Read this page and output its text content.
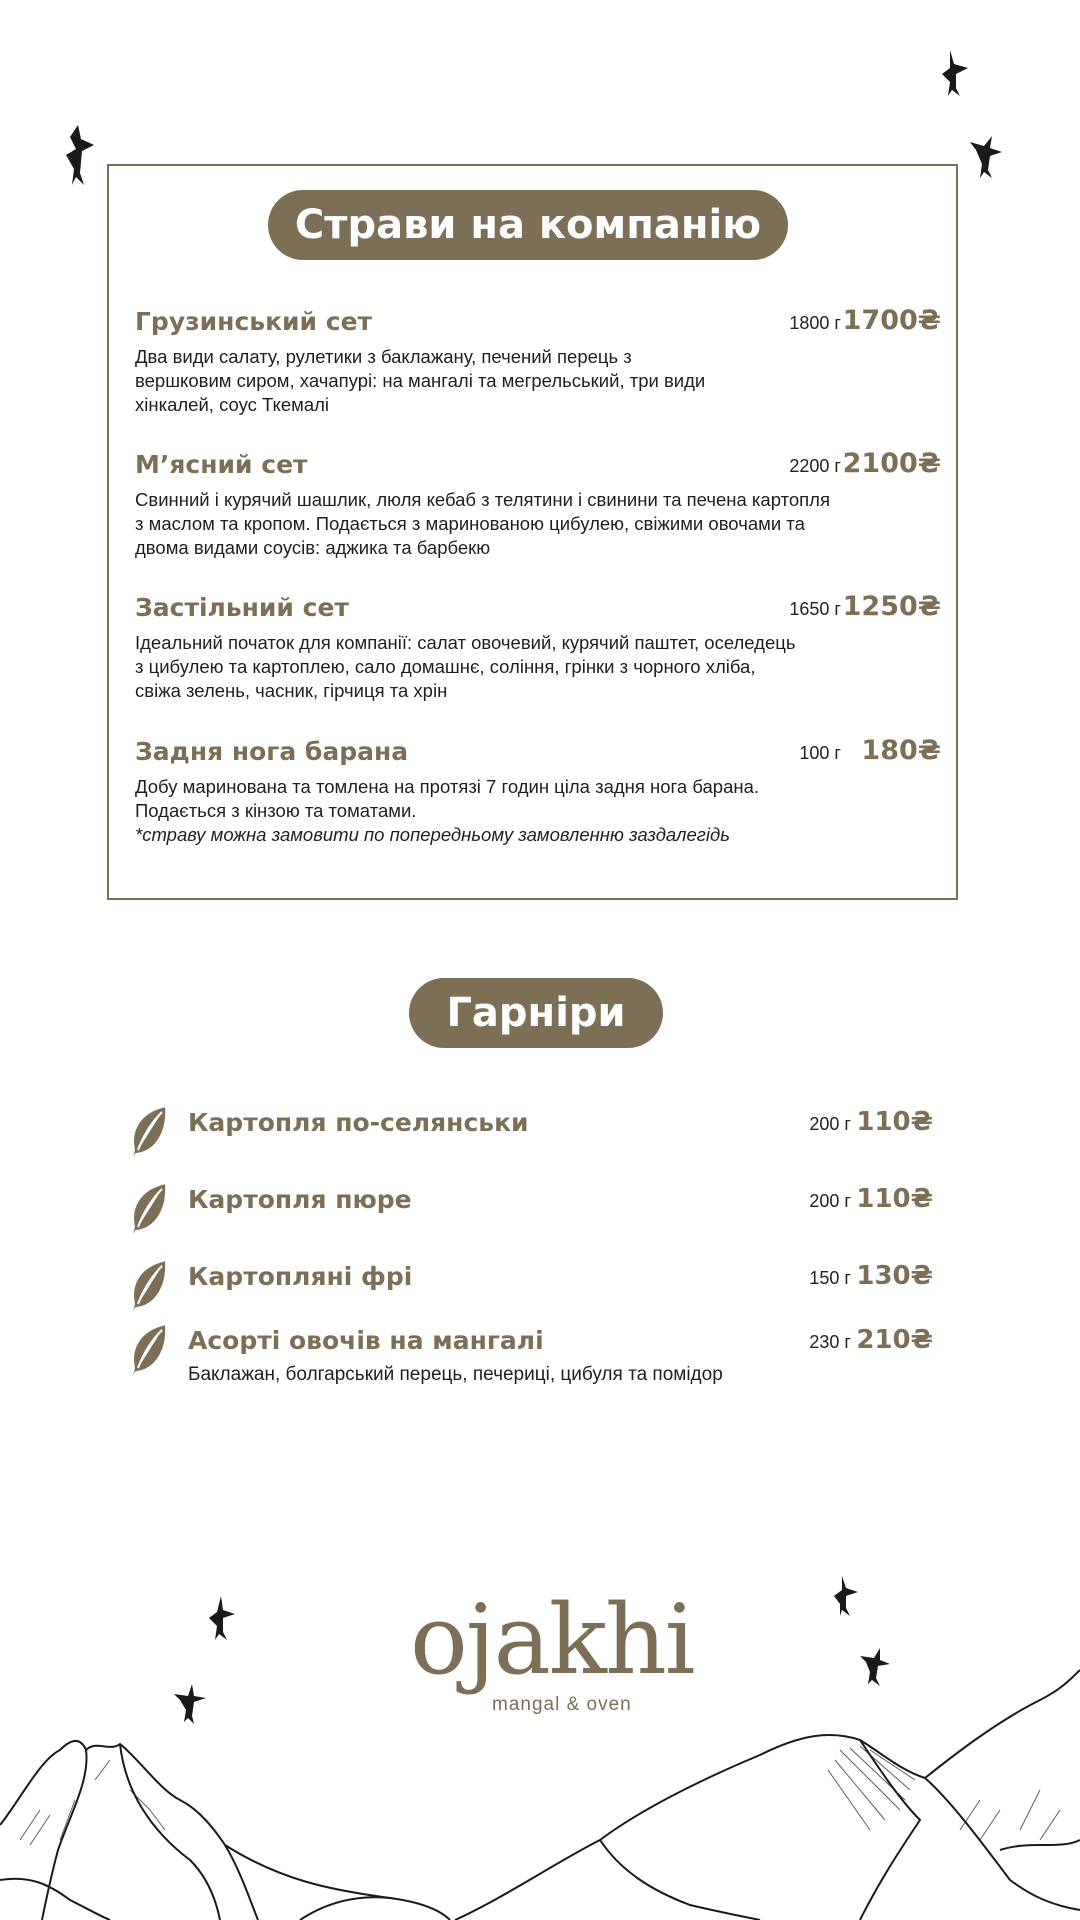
Страви на компанію
Грузинський сет	1800 г 1700₴
Два види салату, рулетики з баклажану, печений перець з вершковим сиром, хачапурі: на мангалі та мегрельський, три види хінкалей, соус Ткемалі
М’ясний сет	2200 г 2100₴
Свинний і курячий шашлик, люля кебаб з телятини і свинини та печена картопля з маслом та кропом. Подається з маринованою цибулею, свіжими овочами та двома видами соусів: аджика та барбекю
Застільний сет	1650 г 1250₴
Ідеальний початок для компанії: салат овочевий, курячий паштет, оселедець з цибулею та картоплею, сало домашнє, соління, грінки з чорного хліба, свіжа зелень, часник, гірчиця та хрін
Задня нога барана	100 г 180₴
Добу маринована та томлена на протязі 7 годин ціла задня нога барана. Подається з кінзою та томатами.
*страву можна замовити по попередньому замовленню заздалегідь
Гарніри
Картопля по-селянськи	200 г 110₴
Картопля пюре	200 г 110₴
Картопляні фрі	150 г 130₴
Асорті овочів на мангалі	230 г 210₴
Баклажан, болгарський перець, печериці, цибуля та помідор
ojakhi
mangal & oven
